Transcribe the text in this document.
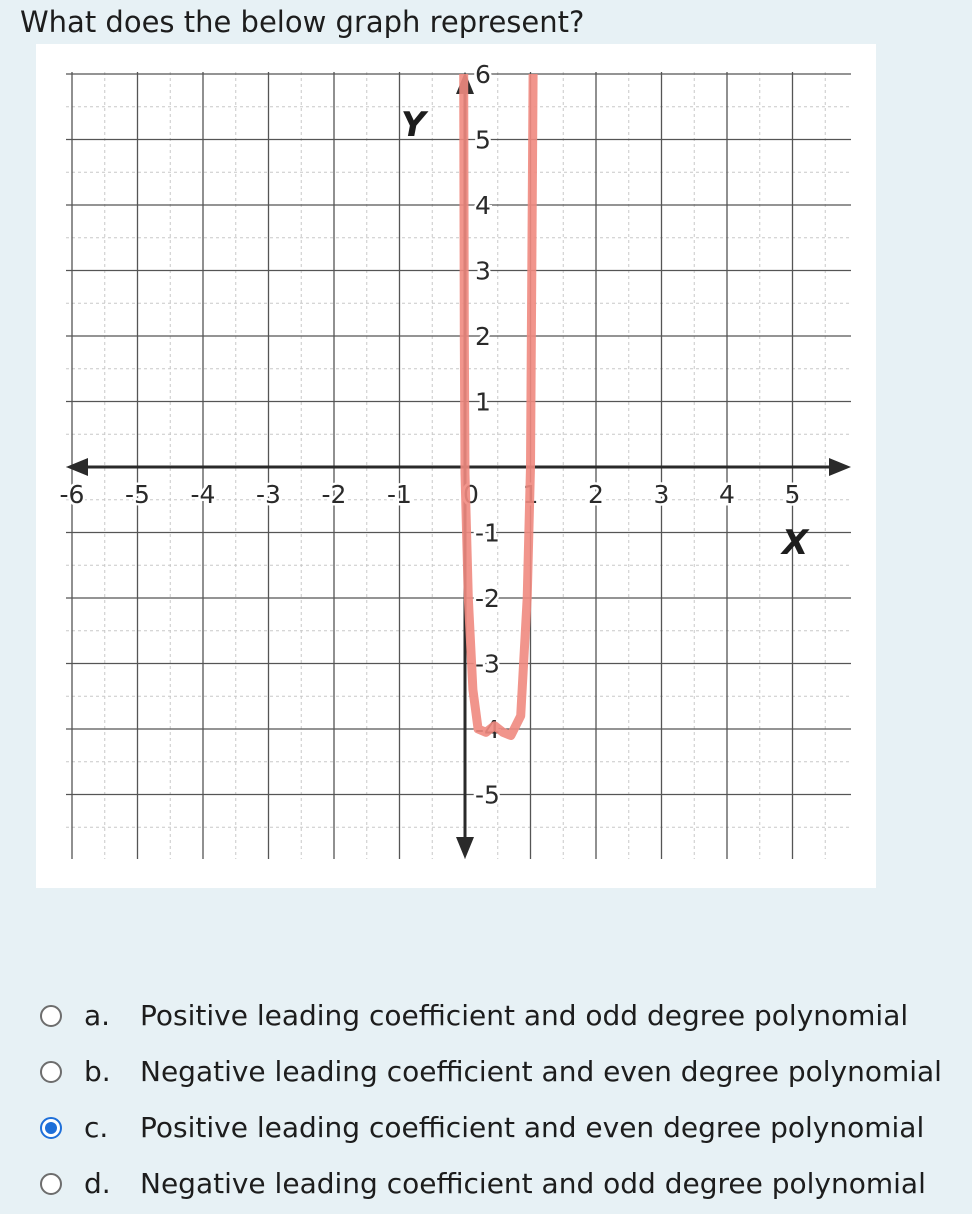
What does the below graph represent?
-6 -5 -4 -3 -2 -1 0 1 2 3 4 5
6
5
4
3
2
1
-1
-2
-3
-4
-5
Y
X
a. Positive leading coefficient and odd degree polynomial
b. Negative leading coefficient and even degree polynomial
c. Positive leading coefficient and even degree polynomial
d. Negative leading coefficient and odd degree polynomial
